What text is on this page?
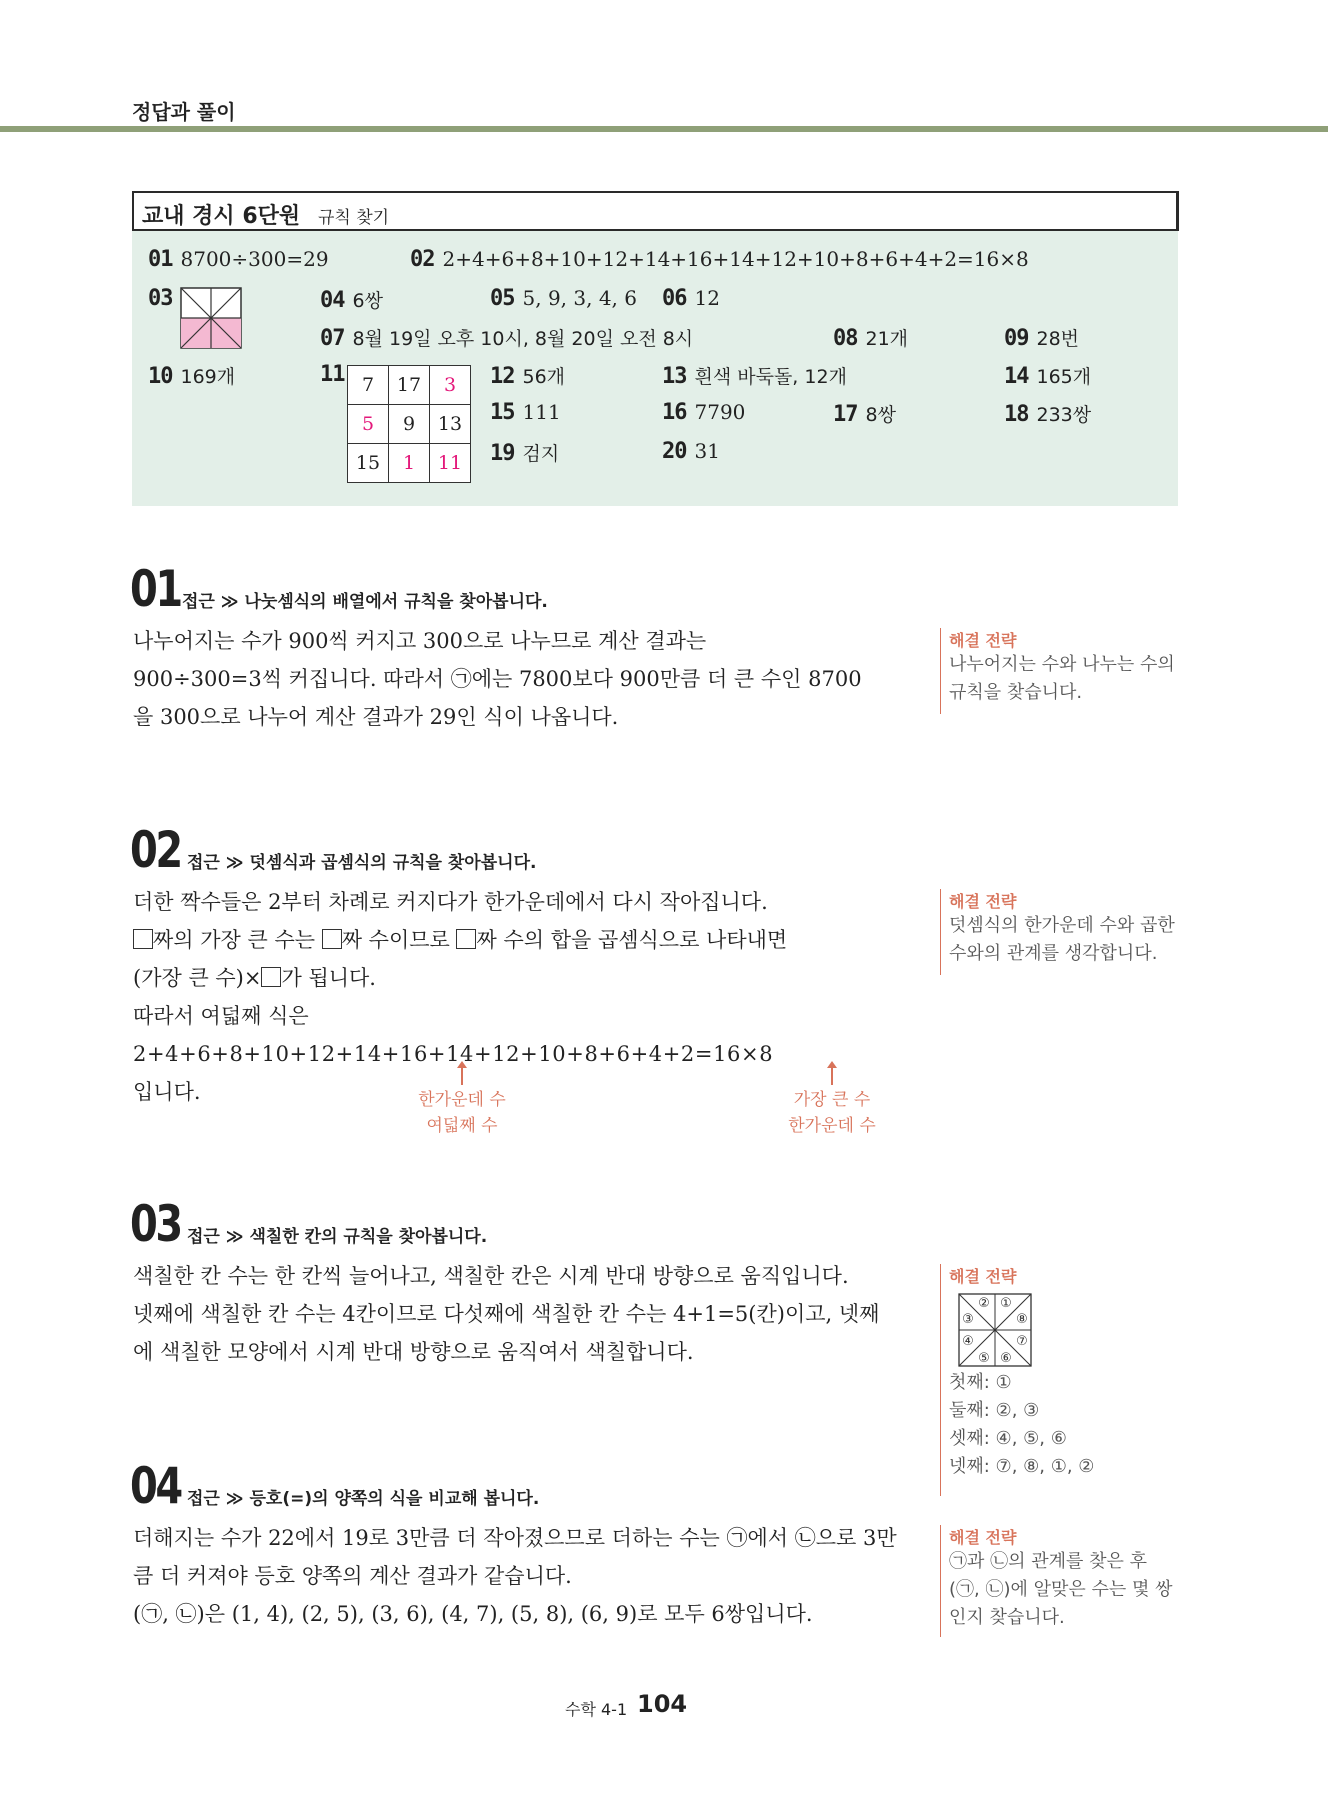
정답과 풀이
교내 경시 6단원 규칙 찾기
01 8700÷300=29	02 2+4+6+8+10+12+14+16+14+12+10+8+6+4+2=16×8
03	04 6쌍	05 5, 9, 3, 4, 6 06 12
07 8월 19일 오후 10시, 8월 20일 오전 8시	08 21개	09 28번
10 169개	11 7	17	3
5	9	13
15	1	11
12 56개	13 흰색 바둑돌, 12개	14 165개
15 111	16 7790	17 8쌍	18 233쌍
19 검지	20 31
01 접근 ≫ 나눗셈식의 배열에서 규칙을 찾아봅니다.
나누어지는 수가 900씩 커지고 300으로 나누므로 계산 결과는
900÷300=3씩 커집니다. 따라서 ㉠에는 7800보다 900만큼 더 큰 수인 8700
을 300으로 나누어 계산 결과가 29인 식이 나옵니다.
해결 전략
나누어지는 수와 나누는 수의
규칙을 찾습니다.
02 접근 ≫ 덧셈식과 곱셈식의 규칙을 찾아봅니다.
더한 짝수들은 2부터 차례로 커지다가 한가운데에서 다시 작아집니다.
짜의 가장 큰 수는 짜 수이므로 짜 수의 합을 곱셈식으로 나타내면
(가장 큰 수)× 가 됩니다.
따라서 여덟째 식은
2+4+6+8+10+12+14+16+14+12+10+8+6+4+2=16×8
입니다.	한가운데 수
여덟째 수
가장 큰 수
한가운데 수
해결 전략
덧셈식의 한가운데 수와 곱한
수와의 관계를 생각합니다.
03 접근 ≫ 색칠한 칸의 규칙을 찾아봅니다.
색칠한 칸 수는 한 칸씩 늘어나고, 색칠한 칸은 시계 반대 방향으로 움직입니다.
넷째에 색칠한 칸 수는 4칸이므로 다섯째에 색칠한 칸 수는 4+1=5(칸)이고, 넷째
에 색칠한 모양에서 시계 반대 방향으로 움직여서 색칠합니다.
해결 전략
①
②
③
④
⑤ ⑥
⑦
⑧
첫째: ①
둘째: ②, ③
셋째: ④, ⑤, ⑥
넷째: ⑦, ⑧, ①, ②
04 접근 ≫ 등호(=)의 양쪽의 식을 비교해 봅니다.
더해지는 수가 22에서 19로 3만큼 더 작아졌으므로 더하는 수는 ㉠에서 ㉡으로 3만
큼 더 커져야 등호 양쪽의 계산 결과가 같습니다.
(㉠, ㉡)은 (1, 4), (2, 5), (3, 6), (4, 7), (5, 8), (6, 9)로 모두 6쌍입니다.
해결 전략
㉠과 ㉡의 관계를 찾은 후
(㉠, ㉡)에 알맞은 수는 몇 쌍
인지 찾습니다.
수학 4-1 104
